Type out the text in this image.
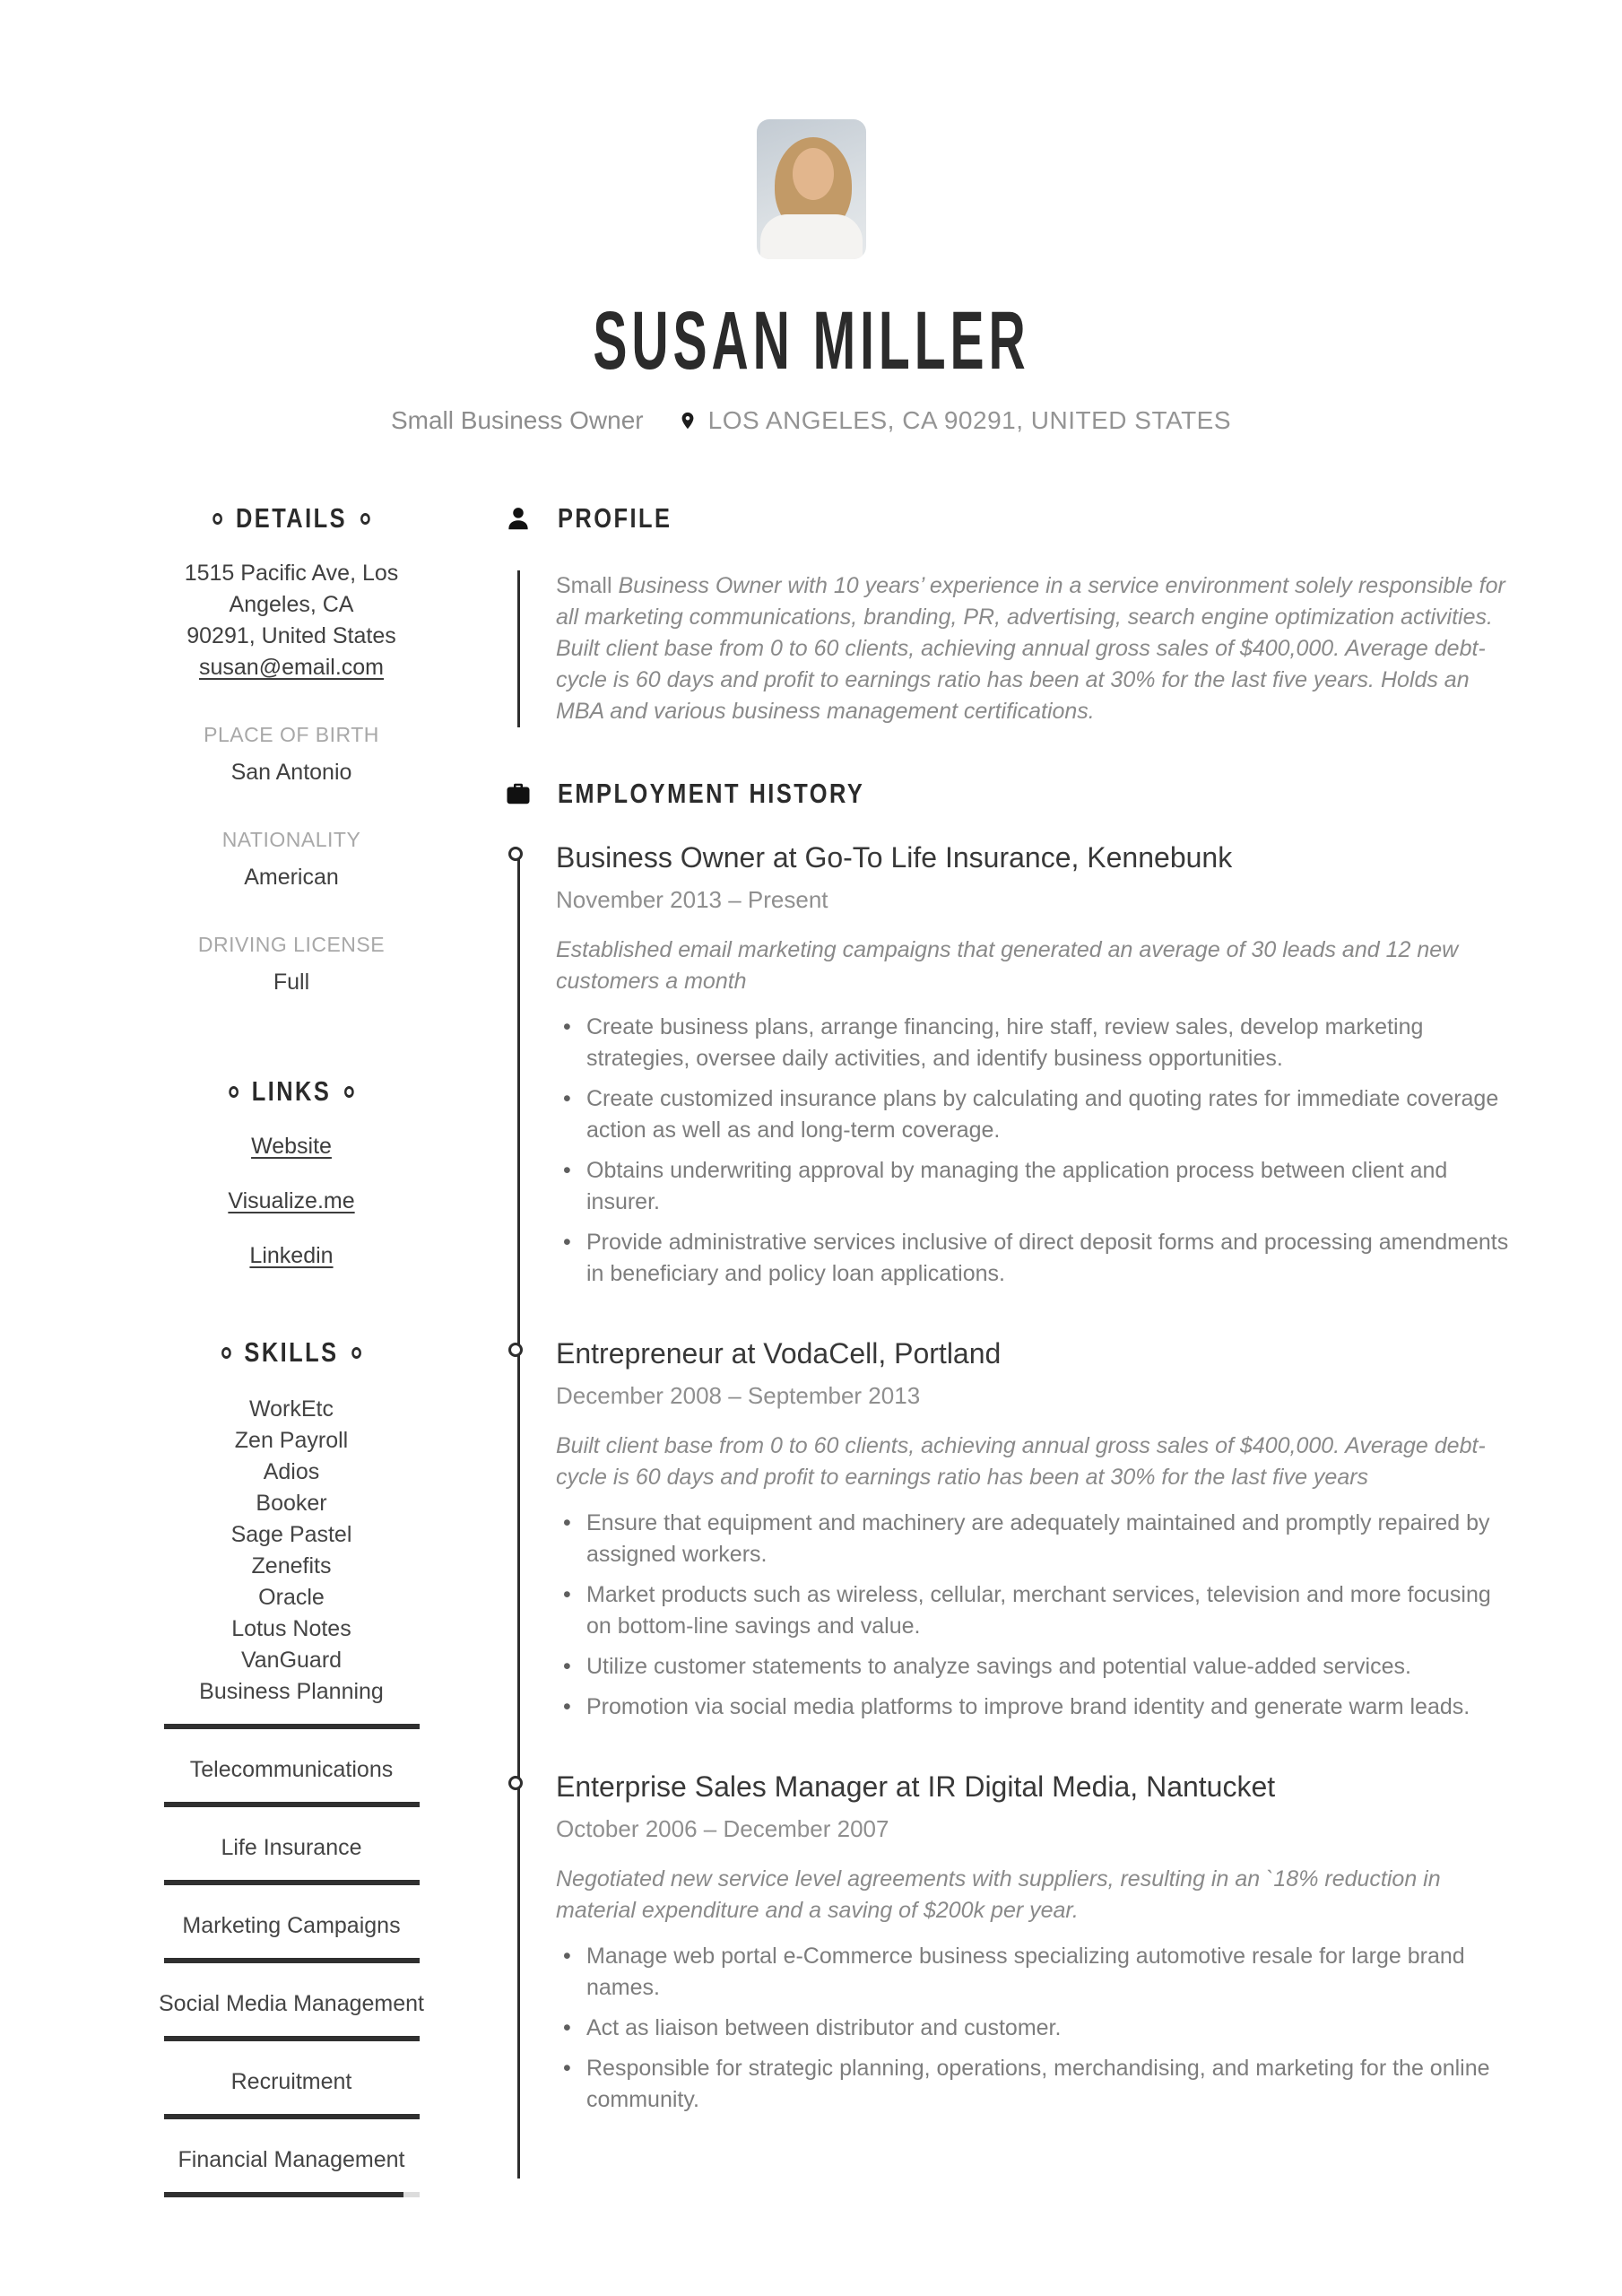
SUSAN MILLER
Small Business Owner	LOS ANGELES, CA 90291, UNITED STATES
DETAILS
1515 Pacific Ave, Los Angeles, CA
90291, United States
susan@email.com
PLACE OF BIRTH
San Antonio
NATIONALITY
American
DRIVING LICENSE
Full
LINKS
Website
Visualize.me
Linkedin
SKILLS
WorkEtc
Zen Payroll
Adios
Booker
Sage Pastel
Zenefits
Oracle
Lotus Notes
VanGuard
Business Planning
Telecommunications
Life Insurance
Marketing Campaigns
Social Media Management
Recruitment
Financial Management
PROFILE

Small Business Owner with 10 years’ experience in a service environment solely responsible for all marketing communications, branding, PR, advertising, search engine optimization activities. Built client base from 0 to 60 clients, achieving annual gross sales of $400,000. Average debt-cycle is 60 days and profit to earnings ratio has been at 30% for the last five years. Holds an MBA and various business management certifications.

EMPLOYMENT HISTORY
Business Owner at Go-To Life Insurance, Kennebunk
November 2013 – Present

Established email marketing campaigns that generated an average of 30 leads and 12 new customers a month

• Create business plans, arrange financing, hire staff, review sales, develop marketing strategies, oversee daily activities, and identify business opportunities.
• Create customized insurance plans by calculating and quoting rates for immediate coverage action as well as and long-term coverage.
• Obtains underwriting approval by managing the application process between client and insurer.
• Provide administrative services inclusive of direct deposit forms and processing amendments in beneficiary and policy loan applications.
Entrepreneur at VodaCell, Portland
December 2008 – September 2013

Built client base from 0 to 60 clients, achieving annual gross sales of $400,000. Average debt-cycle is 60 days and profit to earnings ratio has been at 30% for the last five years

• Ensure that equipment and machinery are adequately maintained and promptly repaired by assigned workers.
• Market products such as wireless, cellular, merchant services, television and more focusing on bottom-line savings and value.
• Utilize customer statements to analyze savings and potential value-added services.
• Promotion via social media platforms to improve brand identity and generate warm leads.
Enterprise Sales Manager at IR Digital Media, Nantucket
October 2006 – December 2007

Negotiated new service level agreements with suppliers, resulting in an `18% reduction in material expenditure and a saving of $200k per year.

• Manage web portal e-Commerce business specializing automotive resale for large brand names.
• Act as liaison between distributor and customer.
• Responsible for strategic planning, operations, merchandising, and marketing for the online community.
